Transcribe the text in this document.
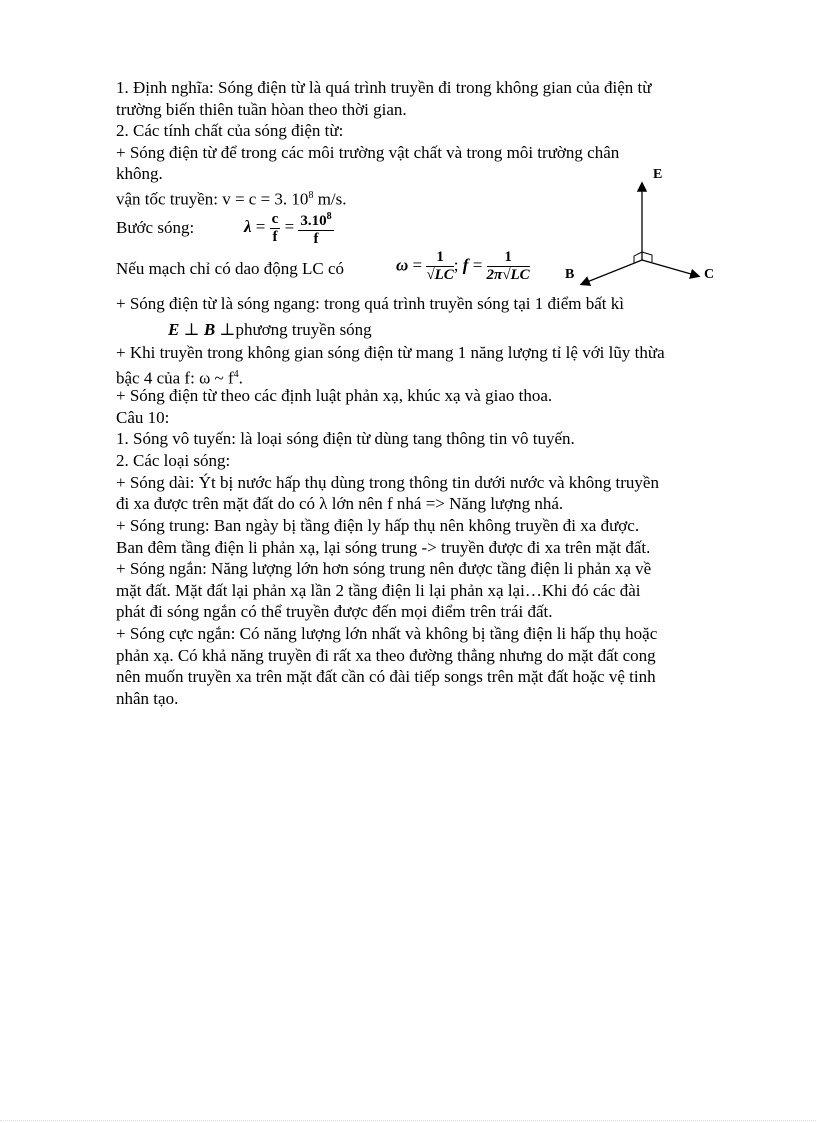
1. Định nghĩa: Sóng điện từ là quá trình truyền đi trong không gian của điện từ
trường biến thiên tuần hòan theo thời gian.
2. Các tính chất của sóng điện từ:
+ Sóng điện từ để trong các môi trường vật chất và trong môi trường chân
không.
vận tốc truyền: v = c = 3. $10^8$ m/s.
Bước sóng:	$\lambda = \frac{c}{f} = \frac{3.10^8}{f}$
Nếu mạch chỉ có dao động LC có	$\omega = \frac{1}{√LC}$ ; $f = \frac{1}{2\pi√LC}$
+ Sóng điện từ là sóng ngang: trong quá trình truyền sóng tại 1 điểm bất kì
E ⊥ B ⊥phương truyền sóng
+ Khi truyền trong không gian sóng điện từ mang 1 năng lượng tỉ lệ với lũy thừa
bậc 4 của f: ω ~ $f^4$.
+ Sóng điện từ theo các định luật phản xạ, khúc xạ và giao thoa.
Câu 10:
1. Sóng vô tuyến: là loại sóng điện từ dùng tang thông tin vô tuyến.
2. Các loại sóng:
+ Sóng dài: Ýt bị nước hấp thụ dùng trong thông tin dưới nước và không truyền
đi xa được trên mặt đất do có λ lớn nên f nhá => Năng lượng nhá.
+ Sóng trung: Ban ngày bị tầng điện ly hấp thụ nên không truyền đi xa được.
Ban đêm tầng điện li phản xạ, lại sóng trung -> truyền được đi xa trên mặt đất.
+ Sóng ngắn: Năng lượng lớn hơn sóng trung nên được tầng điện li phản xạ về
mặt đất. Mặt đất lại phản xạ lần 2 tầng điện li lại phản xạ lại…Khi đó các đài
phát đi sóng ngắn có thể truyền được đến mọi điểm trên trái đất.
+ Sóng cực ngắn: Có năng lượng lớn nhất và không bị tầng điện li hấp thụ hoặc
phản xạ. Có khả năng truyền đi rất xa theo đường thẳng nhưng do mặt đất cong
nên muốn truyền xa trên mặt đất cần có đài tiếp songs trên mặt đất hoặc vệ tinh
nhân tạo.
E
B	C
